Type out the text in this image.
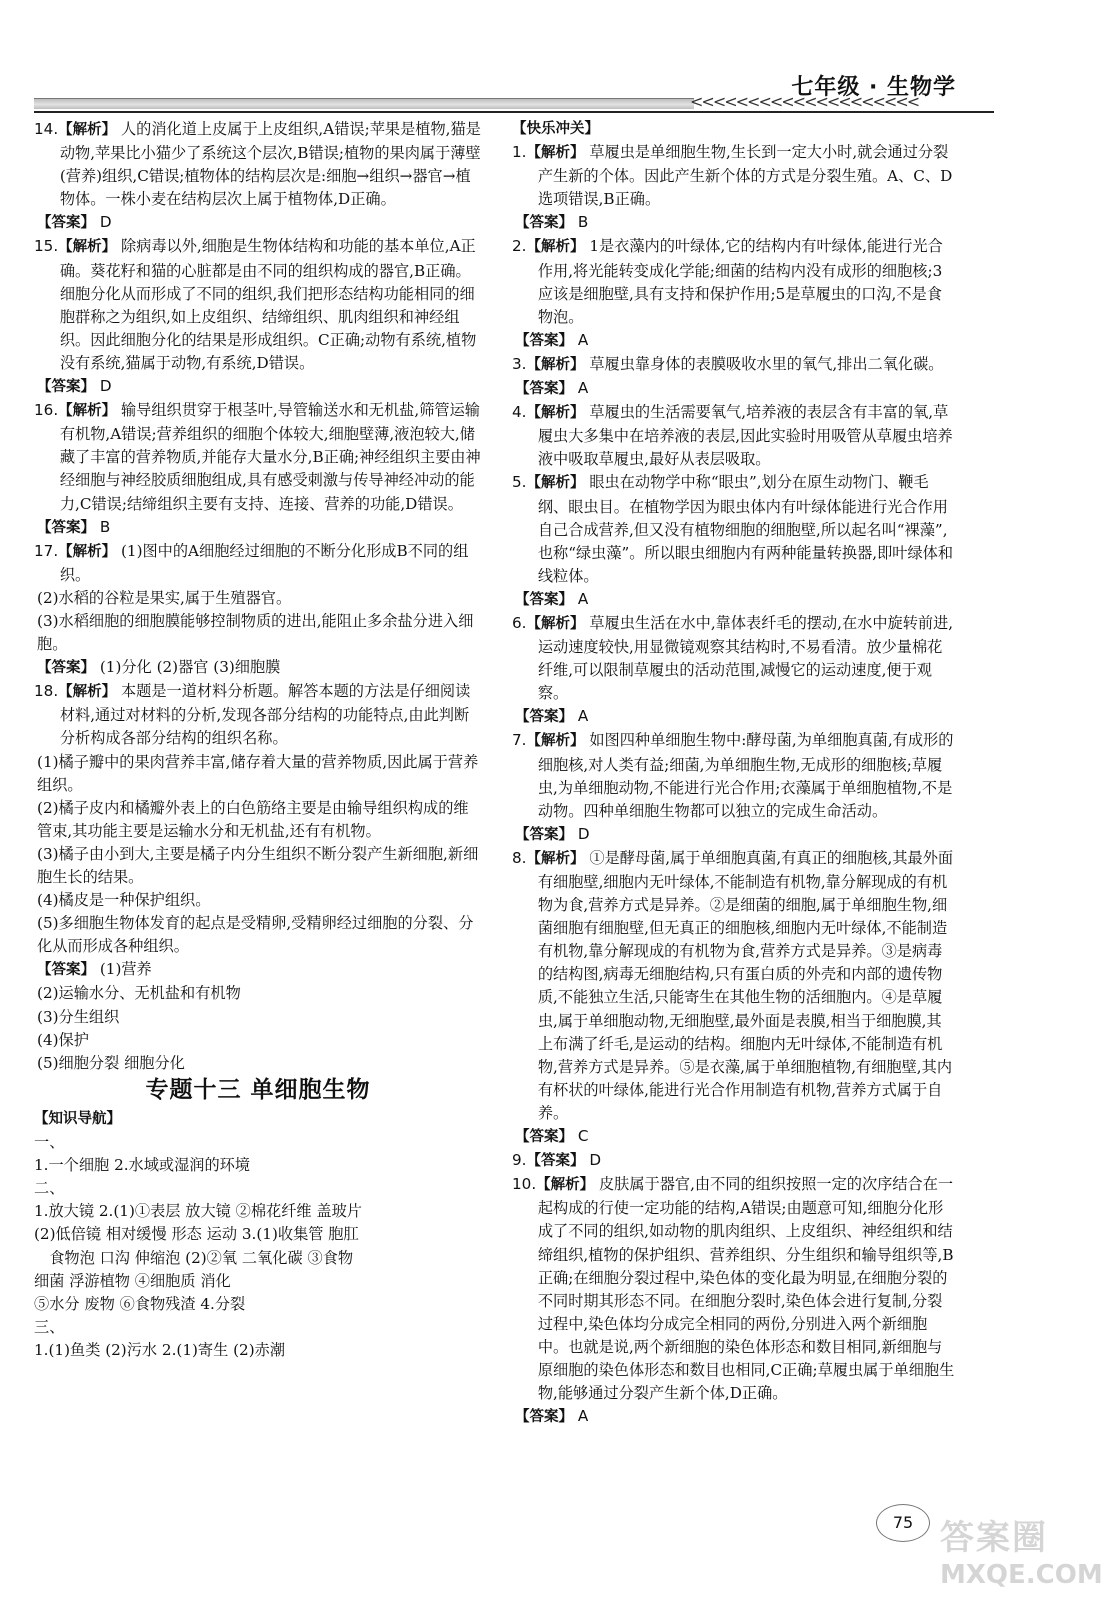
七年级 · 生物学
<<<<<<<<<<<<<<<<<<<<

14.【解析】 人的消化道上皮属于上皮组织,A错误;苹果是植物,猫是动物,苹果比小猫少了系统这个层次,B错误;植物的果肉属于薄壁(营养)组织,C错误;植物体的结构层次是:细胞→组织→器官→植物体。一株小麦在结构层次上属于植物体,D正确。

【答案】 D

15.【解析】 除病毒以外,细胞是生物体结构和功能的基本单位,A正确。葵花籽和猫的心脏都是由不同的组织构成的器官,B正确。细胞分化从而形成了不同的组织,我们把形态结构功能相同的细胞群称之为组织,如上皮组织、结缔组织、肌肉组织和神经组织。因此细胞分化的结果是形成组织。C正确;动物有系统,植物没有系统,猫属于动物,有系统,D错误。

【答案】 D

16.【解析】 输导组织贯穿于根茎叶,导管输送水和无机盐,筛管运输有机物,A错误;营养组织的细胞个体较大,细胞壁薄,液泡较大,储藏了丰富的营养物质,并能存大量水分,B正确;神经组织主要由神经细胞与神经胶质细胞组成,具有感受刺激与传导神经冲动的能力,C错误;结缔组织主要有支持、连接、营养的功能,D错误。

【答案】 B

17.【解析】 (1)图中的A细胞经过细胞的不断分化形成B不同的组织。

(2)水稻的谷粒是果实,属于生殖器官。

(3)水稻细胞的细胞膜能够控制物质的进出,能阻止多余盐分进入细胞。

【答案】 (1)分化 (2)器官 (3)细胞膜

18.【解析】 本题是一道材料分析题。解答本题的方法是仔细阅读材料,通过对材料的分析,发现各部分结构的功能特点,由此判断分析构成各部分结构的组织名称。

(1)橘子瓣中的果肉营养丰富,储存着大量的营养物质,因此属于营养组织。

(2)橘子皮内和橘瓣外表上的白色筋络主要是由输导组织构成的维管束,其功能主要是运输水分和无机盐,还有有机物。

(3)橘子由小到大,主要是橘子内分生组织不断分裂产生新细胞,新细胞生长的结果。

(4)橘皮是一种保护组织。

(5)多细胞生物体发育的起点是受精卵,受精卵经过细胞的分裂、分化从而形成各种组织。

【答案】 (1)营养

(2)运输水分、无机盐和有机物

(3)分生组织

(4)保护

(5)细胞分裂 细胞分化

专题十三 单细胞生物

【知识导航】

一、

1.一个细胞 2.水域或湿润的环境

二、

1.放大镜 2.(1)①表层 放大镜 ②棉花纤维 盖玻片

(2)低倍镜 相对缓慢 形态 运动 3.(1)收集管 胞肛

食物泡 口沟 伸缩泡 (2)②氧 二氧化碳 ③食物

细菌 浮游植物 ④细胞质 消化

⑤水分 废物 ⑥食物残渣 4.分裂

三、

1.(1)鱼类 (2)污水 2.(1)寄生 (2)赤潮

【快乐冲关】

1.【解析】 草履虫是单细胞生物,生长到一定大小时,就会通过分裂产生新的个体。因此产生新个体的方式是分裂生殖。A、C、D选项错误,B正确。

【答案】 B

2.【解析】 1是衣藻内的叶绿体,它的结构内有叶绿体,能进行光合作用,将光能转变成化学能;细菌的结构内没有成形的细胞核;3应该是细胞壁,具有支持和保护作用;5是草履虫的口沟,不是食物泡。

【答案】 A

3.【解析】 草履虫靠身体的表膜吸收水里的氧气,排出二氧化碳。

【答案】 A

4.【解析】 草履虫的生活需要氧气,培养液的表层含有丰富的氧,草履虫大多集中在培养液的表层,因此实验时用吸管从草履虫培养液中吸取草履虫,最好从表层吸取。

5.【解析】 眼虫在动物学中称“眼虫”,划分在原生动物门、鞭毛纲、眼虫目。在植物学因为眼虫体内有叶绿体能进行光合作用自己合成营养,但又没有植物细胞的细胞壁,所以起名叫“裸藻”,也称“绿虫藻”。所以眼虫细胞内有两种能量转换器,即叶绿体和线粒体。

【答案】 A

6.【解析】 草履虫生活在水中,靠体表纤毛的摆动,在水中旋转前进,运动速度较快,用显微镜观察其结构时,不易看清。放少量棉花纤维,可以限制草履虫的活动范围,减慢它的运动速度,便于观察。

【答案】 A

7.【解析】 如图四种单细胞生物中:酵母菌,为单细胞真菌,有成形的细胞核,对人类有益;细菌,为单细胞生物,无成形的细胞核;草履虫,为单细胞动物,不能进行光合作用;衣藻属于单细胞植物,不是动物。四种单细胞生物都可以独立的完成生命活动。

【答案】 D

8.【解析】 ①是酵母菌,属于单细胞真菌,有真正的细胞核,其最外面有细胞壁,细胞内无叶绿体,不能制造有机物,靠分解现成的有机物为食,营养方式是异养。②是细菌的细胞,属于单细胞生物,细菌细胞有细胞壁,但无真正的细胞核,细胞内无叶绿体,不能制造有机物,靠分解现成的有机物为食,营养方式是异养。③是病毒的结构图,病毒无细胞结构,只有蛋白质的外壳和内部的遗传物质,不能独立生活,只能寄生在其他生物的活细胞内。④是草履虫,属于单细胞动物,无细胞壁,最外面是表膜,相当于细胞膜,其上布满了纤毛,是运动的结构。细胞内无叶绿体,不能制造有机物,营养方式是异养。⑤是衣藻,属于单细胞植物,有细胞壁,其内有杯状的叶绿体,能进行光合作用制造有机物,营养方式属于自养。

【答案】 C

9.【答案】 D

10.【解析】 皮肤属于器官,由不同的组织按照一定的次序结合在一起构成的行使一定功能的结构,A错误;由题意可知,细胞分化形成了不同的组织,如动物的肌肉组织、上皮组织、神经组织和结缔组织,植物的保护组织、营养组织、分生组织和输导组织等,B正确;在细胞分裂过程中,染色体的变化最为明显,在细胞分裂的不同时期其形态不同。在细胞分裂时,染色体会进行复制,分裂过程中,染色体均分成完全相同的两份,分别进入两个新细胞中。也就是说,两个新细胞的染色体形态和数目相同,新细胞与原细胞的染色体形态和数目也相同,C正确;草履虫属于单细胞生物,能够通过分裂产生新个体,D正确。

【答案】 A

75 答案圈
MXQE.COM
